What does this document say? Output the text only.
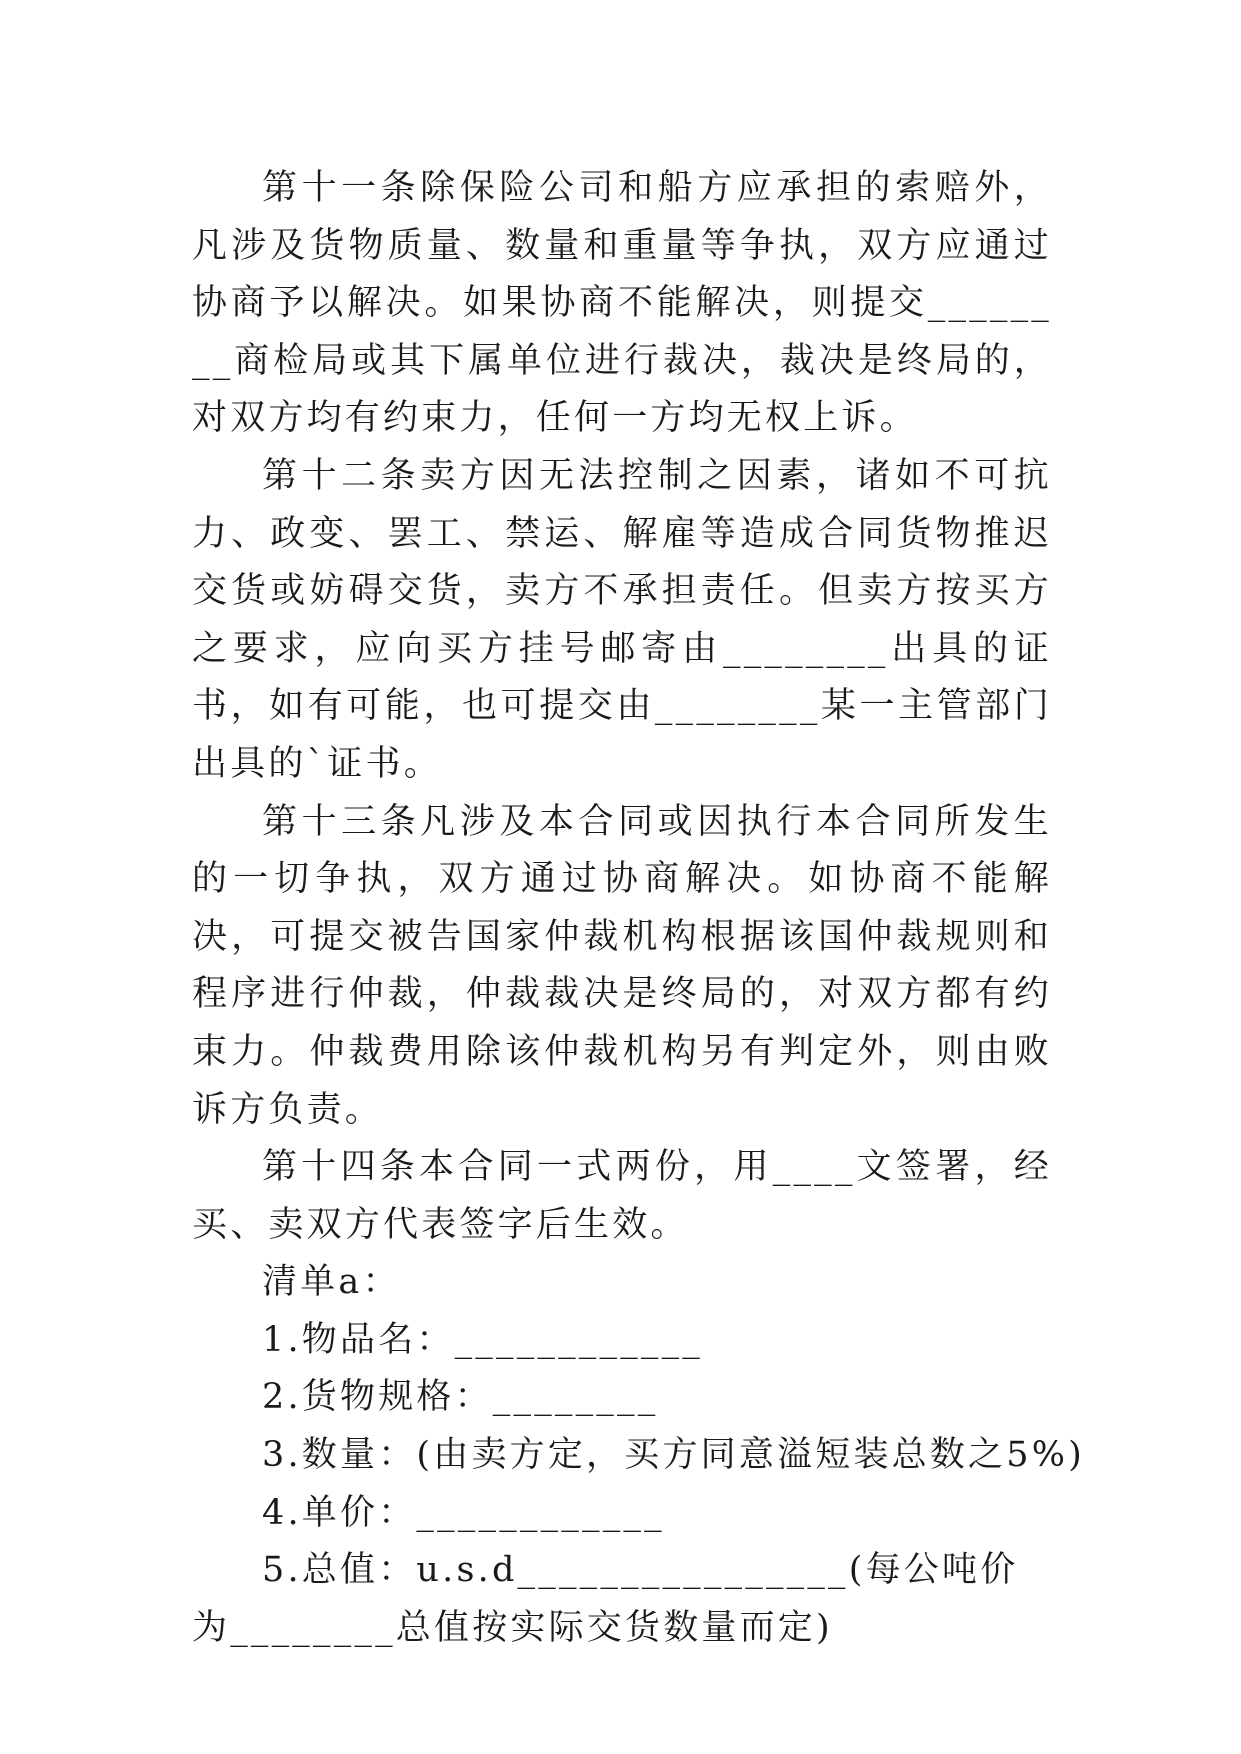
第十一条除保险公司和船方应承担的索赔外，凡涉及货物质量、数量和重量等争执，双方应通过协商予以解决。如果协商不能解决，则提交________商检局或其下属单位进行裁决，裁决是终局的，对双方均有约束力，任何一方均无权上诉。

第十二条卖方因无法控制之因素，诸如不可抗力、政变、罢工、禁运、解雇等造成合同货物推迟交货或妨碍交货，卖方不承担责任。但卖方按买方之要求，应向买方挂号邮寄由________出具的证书，如有可能，也可提交由________某一主管部门出具的`证书。

第十三条凡涉及本合同或因执行本合同所发生的一切争执，双方通过协商解决。如协商不能解决，可提交被告国家仲裁机构根据该国仲裁规则和程序进行仲裁，仲裁裁决是终局的，对双方都有约束力。仲裁费用除该仲裁机构另有判定外，则由败诉方负责。

第十四条本合同一式两份，用____文签署，经买、卖双方代表签字后生效。

清单a：

1.物品名：____________

2.货物规格：________

3.数量：(由卖方定，买方同意溢短装总数之5%)

4.单价：____________

5.总值：u.s.d________________(每公吨价为________总值按实际交货数量而定)
